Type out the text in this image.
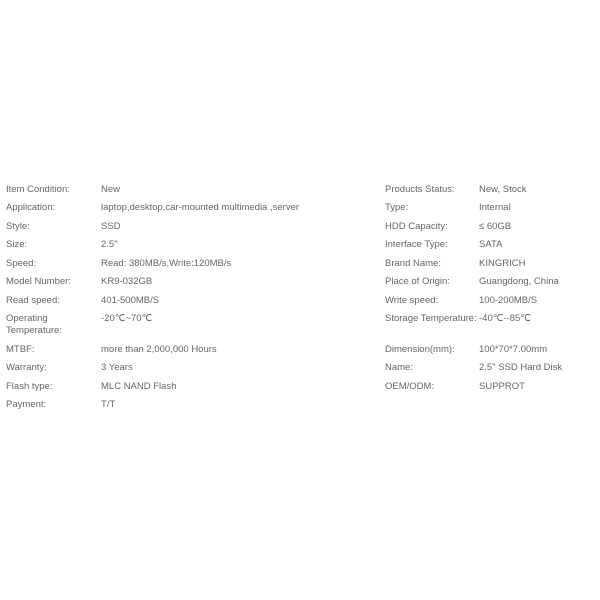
Item Condition:	New
Application:	laptop,desktop,car-mounted multimedia ,server
Style:	SSD
Size:	2.5"
Speed:	Read: 380MB/s,Write:120MB/s
Model Number:	KR9-032GB
Read speed:	401-500MB/S
Operating Temperature:
-20℃~70℃
MTBF:	more than 2,000,000 Hours
Warranty:	3 Years
Flash type:	MLC NAND Flash
Payment:	T/T
Products Status:	New, Stock
Type:	Internal
HDD Capacity:	≤ 60GB
Interface Type:	SATA
Brand Name:	KINGRICH
Place of Origin:	Guangdong, China
Write speed:	100-200MB/S
Storage Temperature: -40℃--85℃
Dimension(mm):	100*70*7.00mm
Name:	2.5" SSD Hard Disk
OEM/ODM:	SUPPROT
